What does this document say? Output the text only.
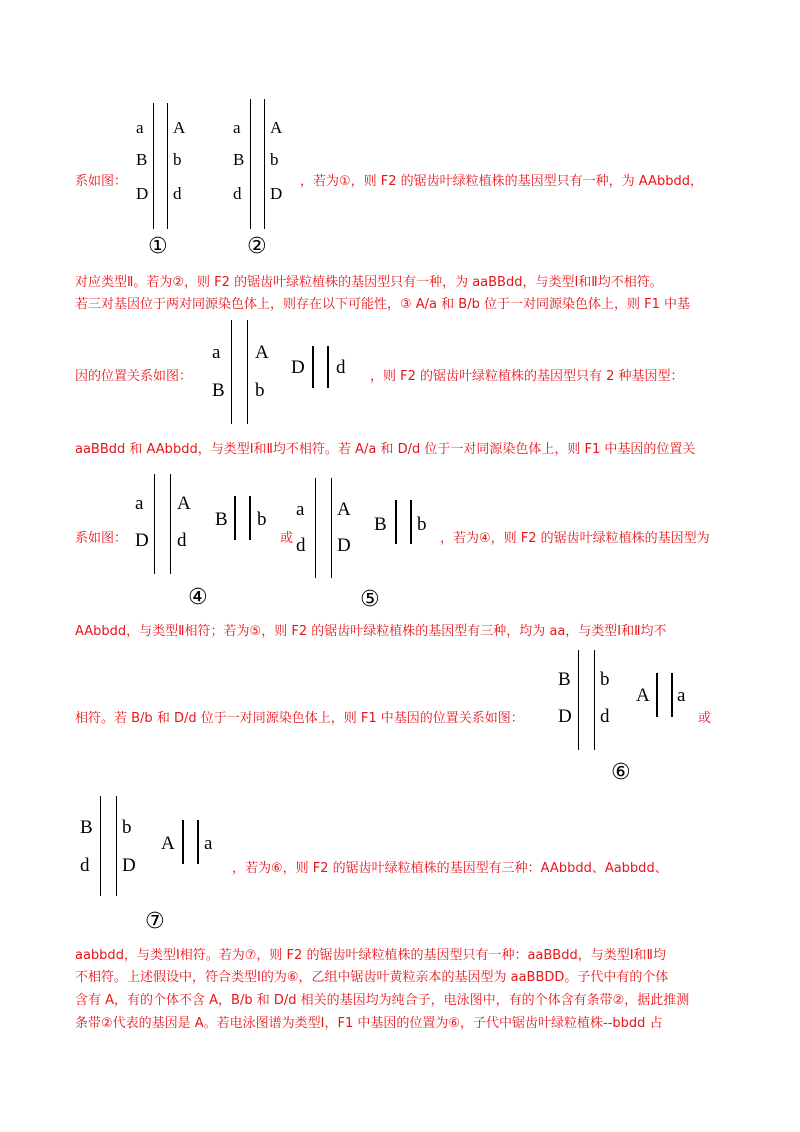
系如图：	，若为①，则 F2 的锯齿叶绿粒植株的基因型只有一种，为 AAbbdd，
对应类型Ⅱ。若为②，则 F2 的锯齿叶绿粒植株的基因型只有一种，为 aaBBdd，与类型Ⅰ和Ⅱ均不相符。
若三对基因位于两对同源染色体上，则存在以下可能性，③ A/a 和 B/b 位于一对同源染色体上，则 F1 中基
因的位置关系如图：	，则 F2 的锯齿叶绿粒植株的基因型只有 2 种基因型：
aaBBdd 和 AAbbdd，与类型Ⅰ和Ⅱ均不相符。若 A/a 和 D/d 位于一对同源染色体上，则 F1 中基因的位置关
系如图：	或	，若为④，则 F2 的锯齿叶绿粒植株的基因型为
AAbbdd，与类型Ⅱ相符；若为⑤，则 F2 的锯齿叶绿粒植株的基因型有三种，均为 aa，与类型Ⅰ和Ⅱ均不
相符。若 B/b 和 D/d 位于一对同源染色体上，则 F1 中基因的位置关系如图：	或
，若为⑥，则 F2 的锯齿叶绿粒植株的基因型有三种：AAbbdd、Aabbdd、
aabbdd，与类型Ⅰ相符。若为⑦，则 F2 的锯齿叶绿粒植株的基因型只有一种：aaBBdd，与类型Ⅰ和Ⅱ均
不相符。上述假设中，符合类型Ⅰ的为⑥，乙组中锯齿叶黄粒亲本的基因型为 aaBBDD。子代中有的个体
含有 A，有的个体不含 A，B/b 和 D/d 相关的基因均为纯合子，电泳图中，有的个体含有条带②，据此推测
条带②代表的基因是 A。若电泳图谱为类型Ⅰ，F1 中基因的位置为⑥，子代中锯齿叶绿粒植株--bbdd 占
a
B
D
A
b
d
①
a
B
d
A
b
D
②
a
B
A
b
D d
a
D
A
d
B b
④
a
d
A
D
B b
⑤
B
D
b
d
A a
⑥
B
d
b
D
A a
⑦
